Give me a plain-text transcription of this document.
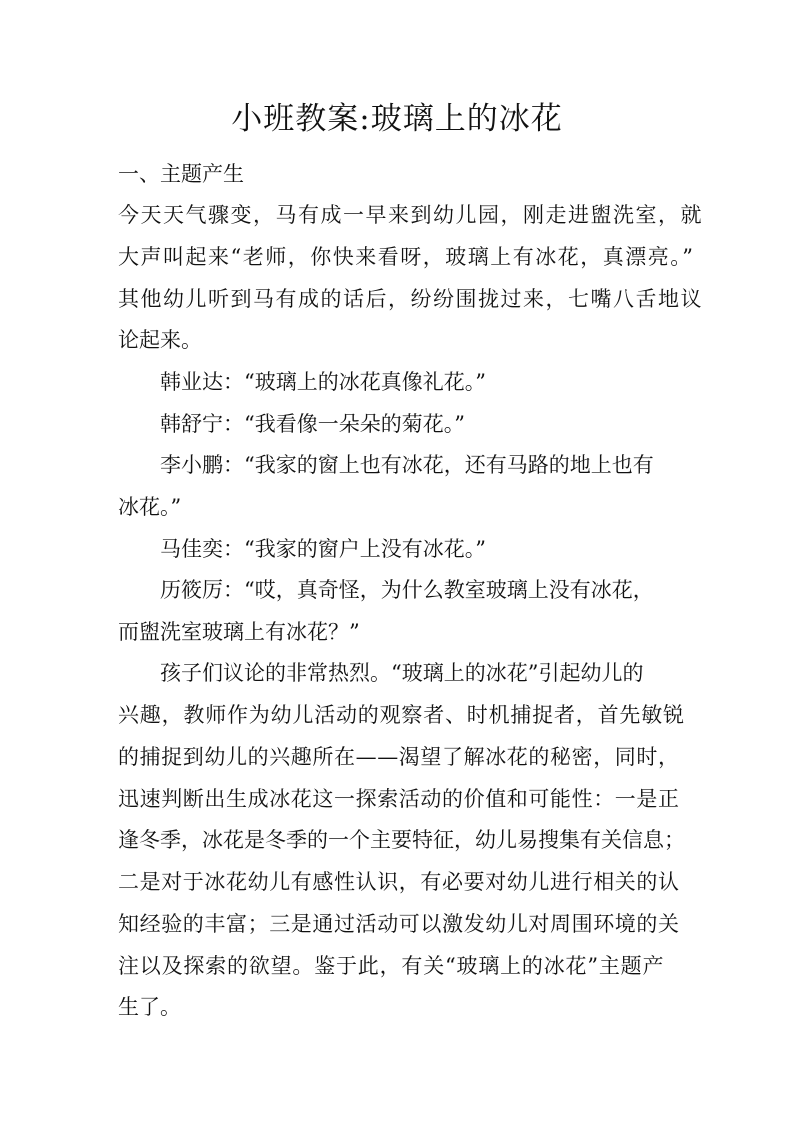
小班教案:玻璃上的冰花

一、主题产生

今天天气骤变，马有成一早来到幼儿园，刚走进盥洗室，就

大声叫起来“老师，你快来看呀，玻璃上有冰花，真漂亮。”

其他幼儿听到马有成的话后，纷纷围拢过来，七嘴八舌地议

论起来。

韩业达：“玻璃上的冰花真像礼花。”

韩舒宁：“我看像一朵朵的菊花。”

李小鹏：“我家的窗上也有冰花，还有马路的地上也有

冰花。”

马佳奕：“我家的窗户上没有冰花。”

历筱厉：“哎，真奇怪，为什么教室玻璃上没有冰花，

而盥洗室玻璃上有冰花？”

孩子们议论的非常热烈。“玻璃上的冰花”引起幼儿的

兴趣，教师作为幼儿活动的观察者、时机捕捉者，首先敏锐

的捕捉到幼儿的兴趣所在——渴望了解冰花的秘密，同时，

迅速判断出生成冰花这一探索活动的价值和可能性：一是正

逢冬季，冰花是冬季的一个主要特征，幼儿易搜集有关信息；

二是对于冰花幼儿有感性认识，有必要对幼儿进行相关的认

知经验的丰富；三是通过活动可以激发幼儿对周围环境的关

注以及探索的欲望。鉴于此，有关“玻璃上的冰花”主题产

生了。
